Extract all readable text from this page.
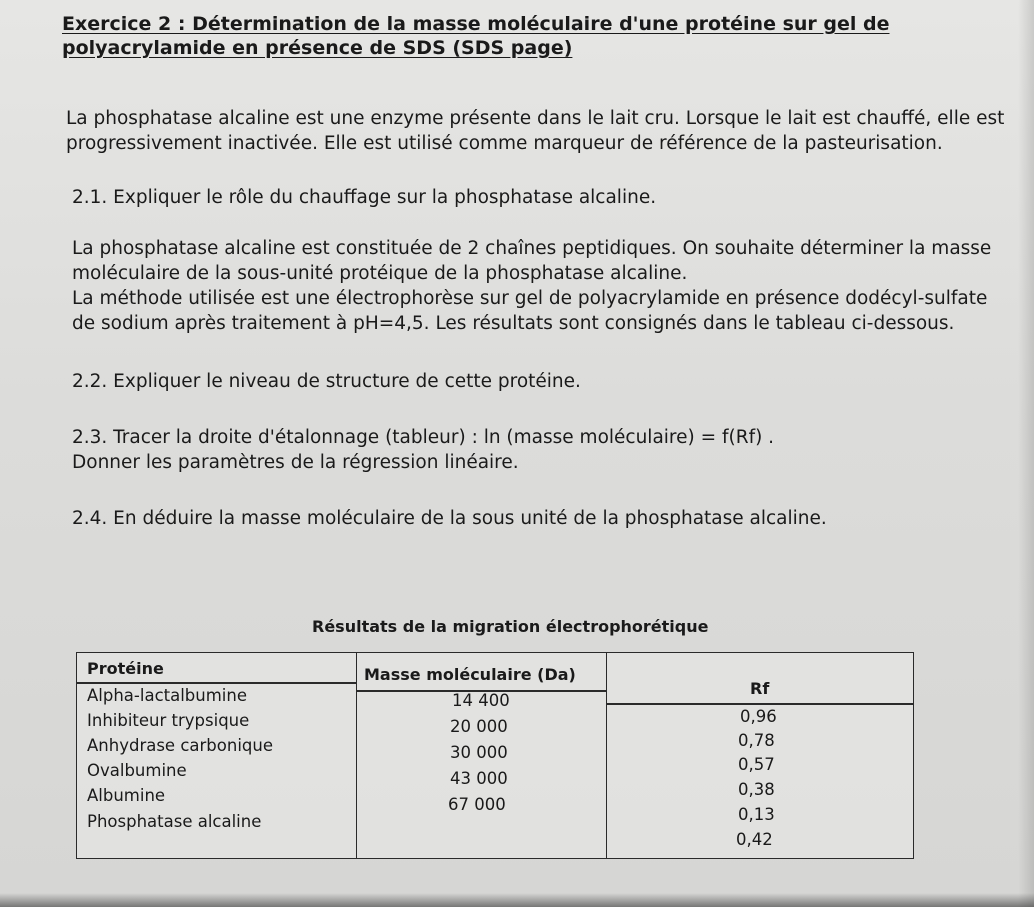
Exercice 2 : Détermination de la masse moléculaire d'une protéine sur gel de polyacrylamide en présence de SDS (SDS page)
La phosphatase alcaline est une enzyme présente dans le lait cru. Lorsque le lait est chauffé, elle est progressivement inactivée. Elle est utilisé comme marqueur de référence de la pasteurisation.
2.1. Expliquer le rôle du chauffage sur la phosphatase alcaline.
La phosphatase alcaline est constituée de 2 chaînes peptidiques. On souhaite déterminer la masse moléculaire de la sous-unité protéique de la phosphatase alcaline.
La méthode utilisée est une électrophorèse sur gel de polyacrylamide en présence dodécyl-sulfate de sodium après traitement à pH=4,5. Les résultats sont consignés dans le tableau ci-dessous.
2.2. Expliquer le niveau de structure de cette protéine.
2.3. Tracer la droite d'étalonnage (tableur) : ln (masse moléculaire) = f(Rf) .
Donner les paramètres de la régression linéaire.
2.4. En déduire la masse moléculaire de la sous unité de la phosphatase alcaline.
Résultats de la migration électrophorétique
Protéine
Alpha-lactalbumine
Inhibiteur trypsique
Anhydrase carbonique
Ovalbumine
Albumine
Phosphatase alcaline
Masse moléculaire (Da)
14 400
20 000
30 000
43 000
67 000
Rf
0,96
0,78
0,57
0,38
0,13
0,42
